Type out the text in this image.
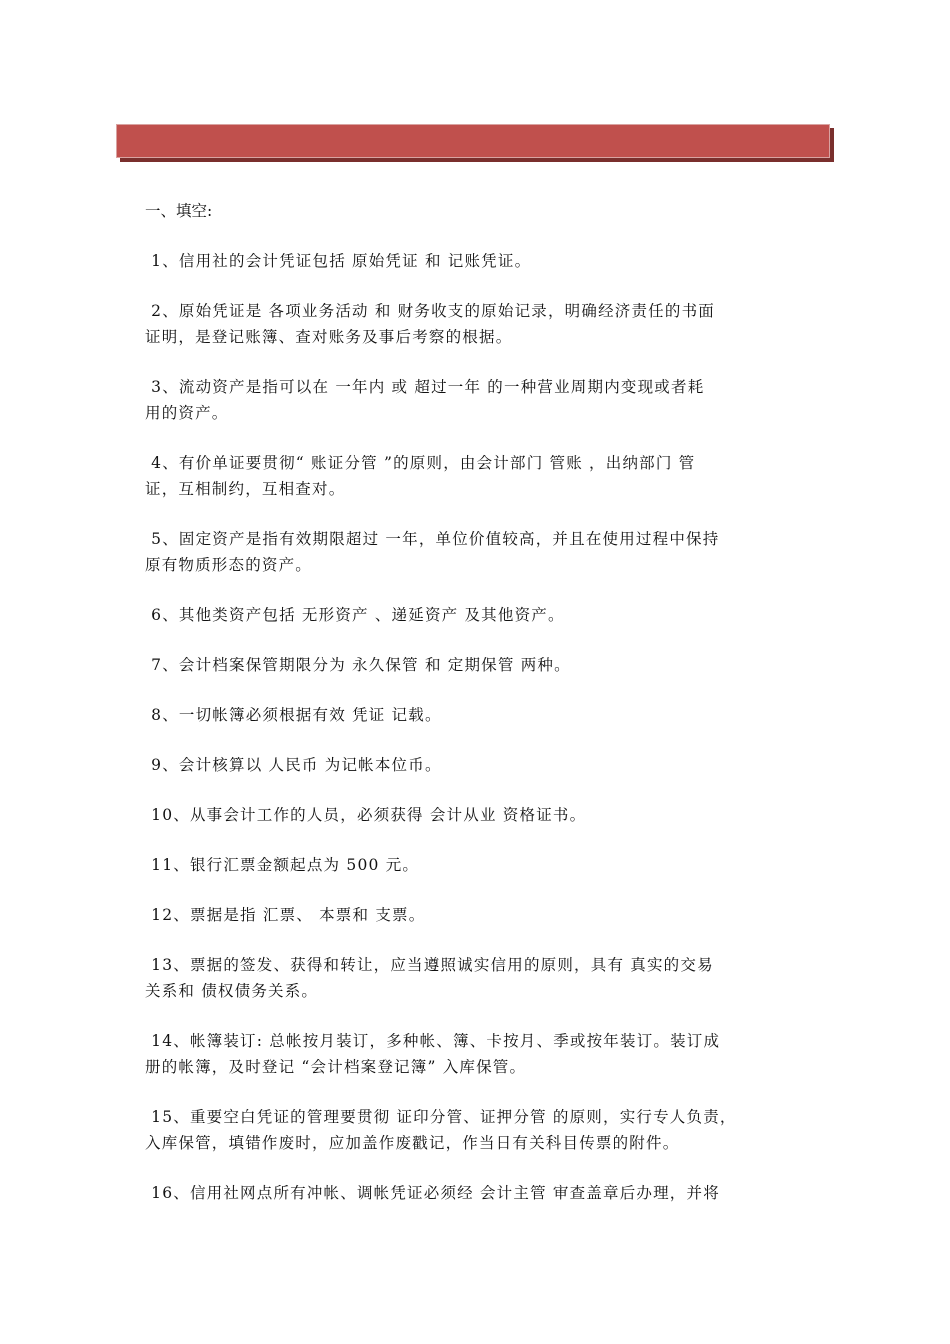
一、填空:
1、信用社的会计凭证包括 原始凭证 和 记账凭证。
2、原始凭证是 各项业务活动 和 财务收支的原始记录，明确经济责任的书面
证明，是登记账簿、查对账务及事后考察的根据。
3、流动资产是指可以在 一年内 或 超过一年 的一种营业周期内变现或者耗
用的资产。
4、有价单证要贯彻“ 账证分管 ”的原则，由会计部门 管账 ，出纳部门 管
证，互相制约，互相查对。
5、固定资产是指有效期限超过 一年，单位价值较高，并且在使用过程中保持
原有物质形态的资产。
6、其他类资产包括 无形资产 、递延资产 及其他资产。
7、会计档案保管期限分为 永久保管 和 定期保管 两种。
8、一切帐簿必须根据有效 凭证 记载。
9、会计核算以 人民币 为记帐本位币。
10、从事会计工作的人员，必须获得 会计从业 资格证书。
11、银行汇票金额起点为 500 元。
12、票据是指 汇票、 本票和 支票。
13、票据的签发、获得和转让，应当遵照诚实信用的原则，具有 真实的交易
关系和 债权债务关系。
14、帐簿装订: 总帐按月装订，多种帐、簿、卡按月、季或按年装订。装订成
册的帐簿，及时登记 “会计档案登记簿” 入库保管。
15、重要空白凭证的管理要贯彻 证印分管、证押分管 的原则，实行专人负责，
入库保管，填错作废时，应加盖作废戳记，作当日有关科目传票的附件。
16、信用社网点所有冲帐、调帐凭证必须经 会计主管 审查盖章后办理，并将
